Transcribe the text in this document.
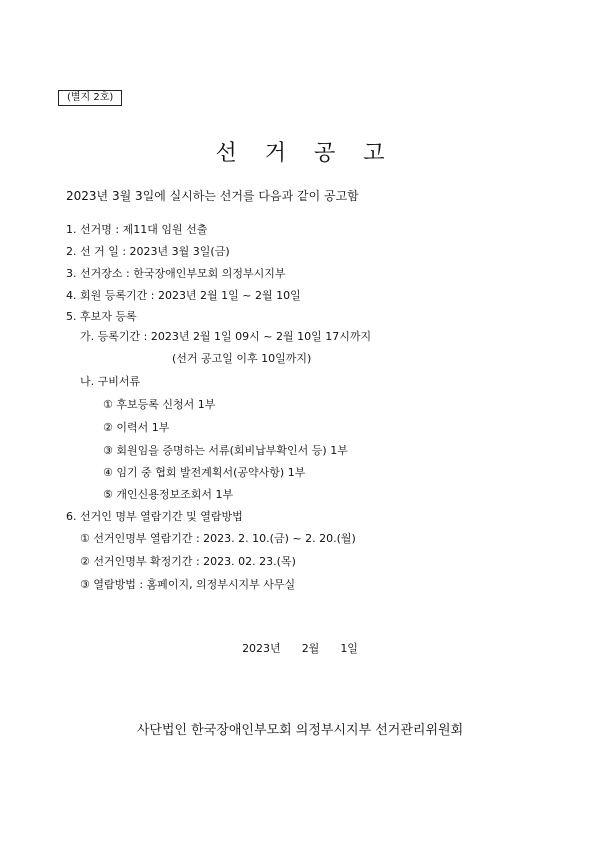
(별지 2호)
선거공고
2023년 3월 3일에 실시하는 선거를 다음과 같이 공고함
1. 선거명 : 제11대 임원 선출
2. 선 거 일 : 2023년 3월 3일(금)
3. 선거장소 : 한국장애인부모회 의정부시지부
4. 회원 등록기간 : 2023년 2월 1일 ~ 2월 10일
5. 후보자 등록
가. 등록기간 : 2023년 2월 1일 09시 ~ 2월 10일 17시까지
(선거 공고일 이후 10일까지)
나. 구비서류
① 후보등록 신청서 1부
② 이력서 1부
③ 회원임을 증명하는 서류(회비납부확인서 등) 1부
④ 임기 중 협회 발전계획서(공약사항) 1부
⑤ 개인신용정보조회서 1부
6. 선거인 명부 열람기간 및 열람방법
① 선거인명부 열람기간 : 2023. 2. 10.(금) ~ 2. 20.(월)
② 선거인명부 확정기간 : 2023. 02. 23.(목)
③ 열람방법 : 홈페이지, 의정부시지부 사무실
2023년 2월 1일
사단법인 한국장애인부모회 의정부시지부 선거관리위원회
